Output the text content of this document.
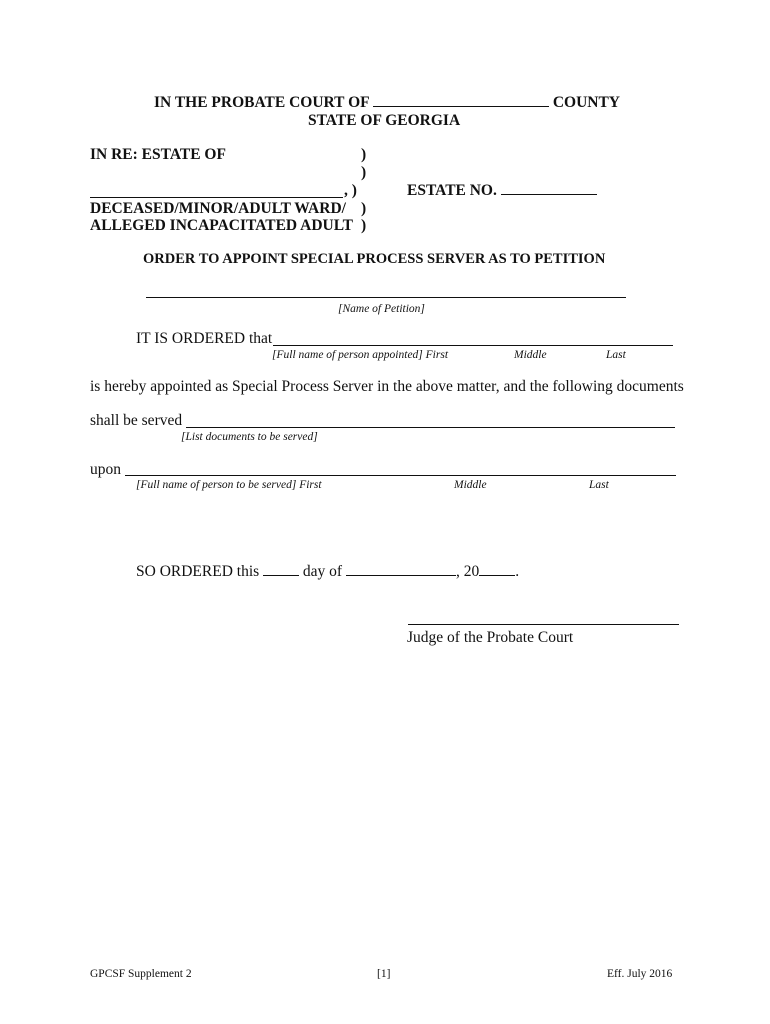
IN THE PROBATE COURT OF	COUNTY
STATE OF GEORGIA
IN RE: ESTATE OF	)
)
, )	ESTATE NO.
DECEASED/MINOR/ADULT WARD/ )
ALLEGED INCAPACITATED ADULT )
ORDER TO APPOINT SPECIAL PROCESS SERVER AS TO PETITION
[Name of Petition]
IT IS ORDERED that
[Full name of person appointed] First	Middle	Last
is hereby appointed as Special Process Server in the above matter, and the following documents
shall be served
[List documents to be served]
upon
[Full name of person to be served] First	Middle	Last
SO ORDERED this	day of	, 20 .
Judge of the Probate Court
GPCSF Supplement 2	[1]	Eff. July 2016
